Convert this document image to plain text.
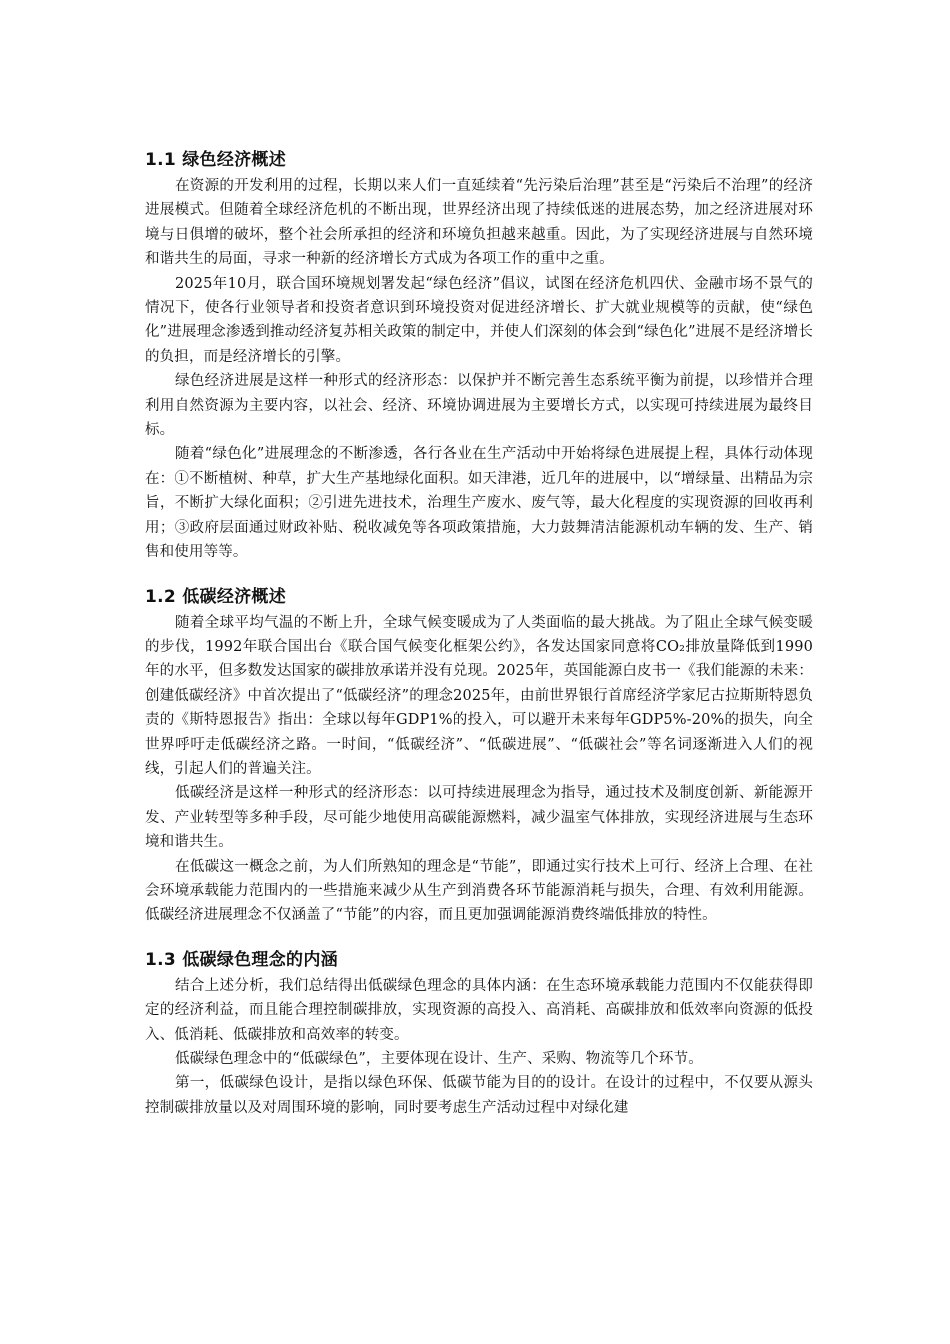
1.1 绿色经济概述

在资源的开发利用的过程，长期以来人们一直延续着“先污染后治理”甚至是“污染后不治理”的经济进展模式。但随着全球经济危机的不断出现，世界经济出现了持续低迷的进展态势，加之经济进展对环境与日俱增的破坏，整个社会所承担的经济和环境负担越来越重。因此，为了实现经济进展与自然环境和谐共生的局面，寻求一种新的经济增长方式成为各项工作的重中之重。

2025年10月，联合国环境规划署发起“绿色经济”倡议，试图在经济危机四伏、金融市场不景气的情况下，使各行业领导者和投资者意识到环境投资对促进经济增长、扩大就业规模等的贡献，使“绿色化”进展理念渗透到推动经济复苏相关政策的制定中，并使人们深刻的体会到“绿色化”进展不是经济增长的负担，而是经济增长的引擎。

绿色经济进展是这样一种形式的经济形态：以保护并不断完善生态系统平衡为前提，以珍惜并合理利用自然资源为主要内容，以社会、经济、环境协调进展为主要增长方式，以实现可持续进展为最终目标。

随着“绿色化”进展理念的不断渗透，各行各业在生产活动中开始将绿色进展提上程，具体行动体现在：①不断植树、种草，扩大生产基地绿化面积。如天津港，近几年的进展中，以“增绿量、出精品为宗旨，不断扩大绿化面积；②引进先进技术，治理生产废水、废气等，最大化程度的实现资源的回收再利用；③政府层面通过财政补贴、税收减免等各项政策措施，大力鼓舞清洁能源机动车辆的发、生产、销售和使用等等。

1.2 低碳经济概述

随着全球平均气温的不断上升，全球气候变暖成为了人类面临的最大挑战。为了阻止全球气候变暖的步伐，1992年联合国出台《联合国气候变化框架公约》，各发达国家同意将CO₂排放量降低到1990年的水平，但多数发达国家的碳排放承诺并没有兑现。2025年，英国能源白皮书一《我们能源的未来：创建低碳经济》中首次提出了“低碳经济”的理念2025年，由前世界银行首席经济学家尼古拉斯斯特恩负责的《斯特恩报告》指出：全球以每年GDP1%的投入，可以避开未来每年GDP5%-20%的损失，向全世界呼吁走低碳经济之路。一时间，“低碳经济”、“低碳进展”、“低碳社会”等名词逐渐进入人们的视线，引起人们的普遍关注。

低碳经济是这样一种形式的经济形态：以可持续进展理念为指导，通过技术及制度创新、新能源开发、产业转型等多种手段，尽可能少地使用高碳能源燃料，减少温室气体排放，实现经济进展与生态环境和谐共生。

在低碳这一概念之前，为人们所熟知的理念是“节能”，即通过实行技术上可行、经济上合理、在社会环境承载能力范围内的一些措施来减少从生产到消费各环节能源消耗与损失，合理、有效利用能源。低碳经济进展理念不仅涵盖了“节能”的内容，而且更加强调能源消费终端低排放的特性。

1.3 低碳绿色理念的内涵

结合上述分析，我们总结得出低碳绿色理念的具体内涵：在生态环境承载能力范围内不仅能获得即定的经济利益，而且能合理控制碳排放，实现资源的高投入、高消耗、高碳排放和低效率向资源的低投入、低消耗、低碳排放和高效率的转变。

低碳绿色理念中的“低碳绿色”，主要体现在设计、生产、采购、物流等几个环节。

第一，低碳绿色设计，是指以绿色环保、低碳节能为目的的设计。在设计的过程中，不仅要从源头控制碳排放量以及对周围环境的影响，同时要考虑生产活动过程中对绿化建
